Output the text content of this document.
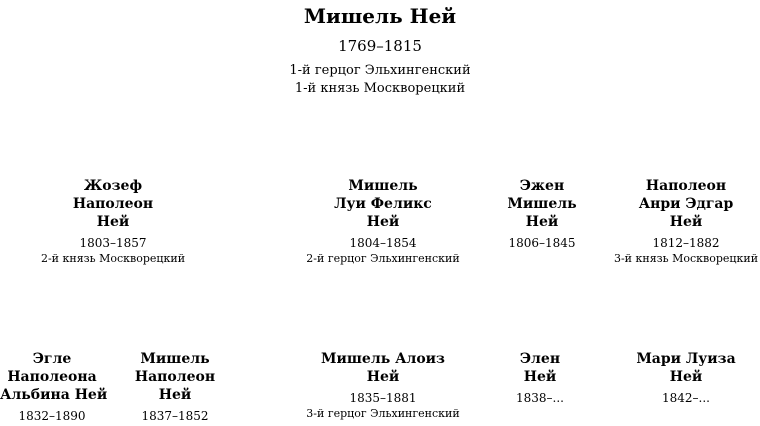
Мишель Ней
1769–1815
1-й герцог Эльхингенский
1-й князь Москворецкий
Жозеф
Наполеон
Ней
1803–1857
2-й князь Москворецкий
Мишель
Луи Феликс
Ней
1804–1854
2-й герцог Эльхингенский
Эжен
Мишель
Ней
1806–1845
Наполеон
Анри Эдгар
Ней
1812–1882
3-й князь Москворецкий
Эгле
Наполеона
Альбина Ней
1832–1890
Мишель
Наполеон
Ней
1837–1852
Мишель Алоиз
Ней
1835–1881
3-й герцог Эльхингенский
Элен
Ней
1838–...
Мари Луиза
Ней
1842–...
